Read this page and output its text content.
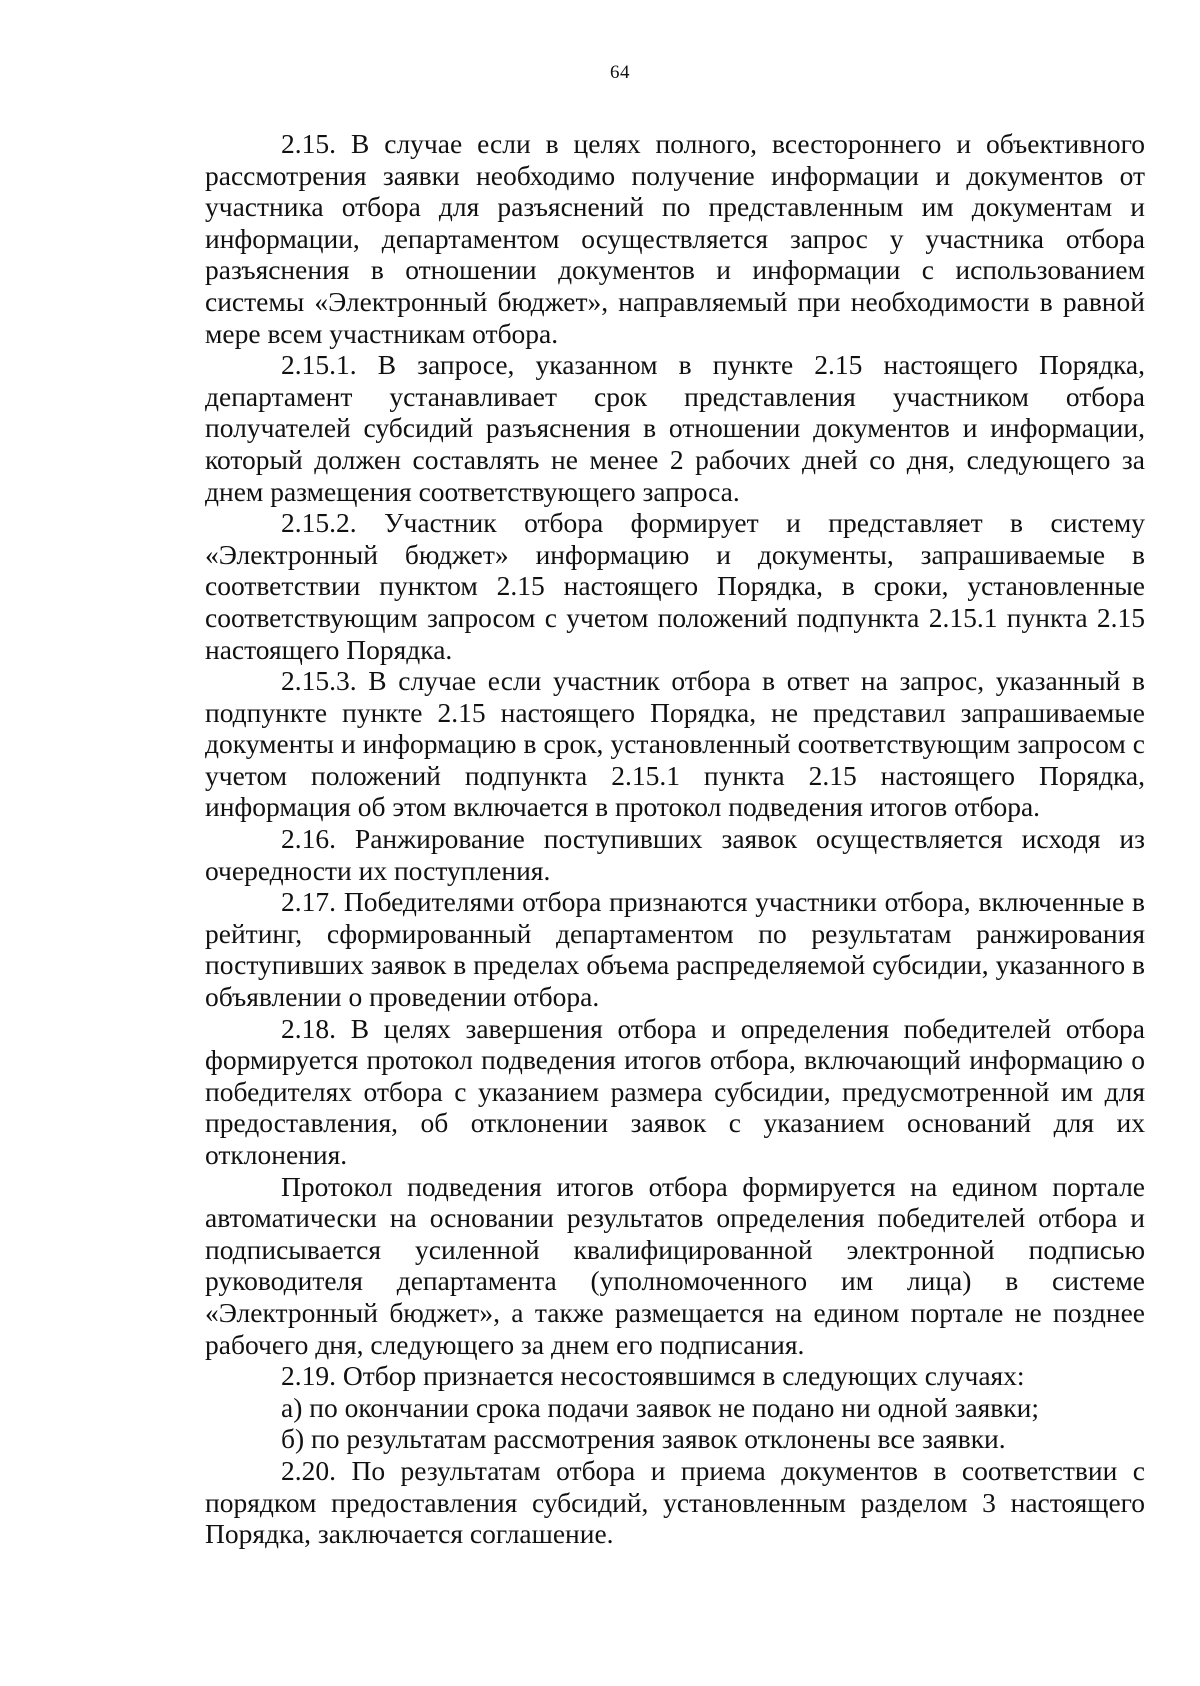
64

2.15. В случае если в целях полного, всестороннего и объективного рассмотрения заявки необходимо получение информации и документов от участника отбора для разъяснений по представленным им документам и информации, департаментом осуществляется запрос у участника отбора разъяснения в отношении документов и информации с использованием системы «Электронный бюджет», направляемый при необходимости в равной мере всем участникам отбора.

2.15.1. В запросе, указанном в пункте 2.15 настоящего Порядка, департамент устанавливает срок представления участником отбора получателей субсидий разъяснения в отношении документов и информации, который должен составлять не менее 2 рабочих дней со дня, следующего за днем размещения соответствующего запроса.

2.15.2. Участник отбора формирует и представляет в систему «Электронный бюджет» информацию и документы, запрашиваемые в соответствии пунктом 2.15 настоящего Порядка, в сроки, установленные соответствующим запросом с учетом положений подпункта 2.15.1 пункта 2.15 настоящего Порядка.

2.15.3. В случае если участник отбора в ответ на запрос, указанный в подпункте пункте 2.15 настоящего Порядка, не представил запрашиваемые документы и информацию в срок, установленный соответствующим запросом с учетом положений подпункта 2.15.1 пункта 2.15 настоящего Порядка, информация об этом включается в протокол подведения итогов отбора.

2.16. Ранжирование поступивших заявок осуществляется исходя из очередности их поступления.

2.17. Победителями отбора признаются участники отбора, включенные в рейтинг, сформированный департаментом по результатам ранжирования поступивших заявок в пределах объема распределяемой субсидии, указанного в объявлении о проведении отбора.

2.18. В целях завершения отбора и определения победителей отбора формируется протокол подведения итогов отбора, включающий информацию о победителях отбора с указанием размера субсидии, предусмотренной им для предоставления, об отклонении заявок с указанием оснований для их отклонения.

Протокол подведения итогов отбора формируется на едином портале автоматически на основании результатов определения победителей отбора и подписывается усиленной квалифицированной электронной подписью руководителя департамента (уполномоченного им лица) в системе «Электронный бюджет», а также размещается на едином портале не позднее рабочего дня, следующего за днем его подписания.

2.19. Отбор признается несостоявшимся в следующих случаях:

а) по окончании срока подачи заявок не подано ни одной заявки;

б) по результатам рассмотрения заявок отклонены все заявки.

2.20. По результатам отбора и приема документов в соответствии с порядком предоставления субсидий, установленным разделом 3 настоящего Порядка, заключается соглашение.
